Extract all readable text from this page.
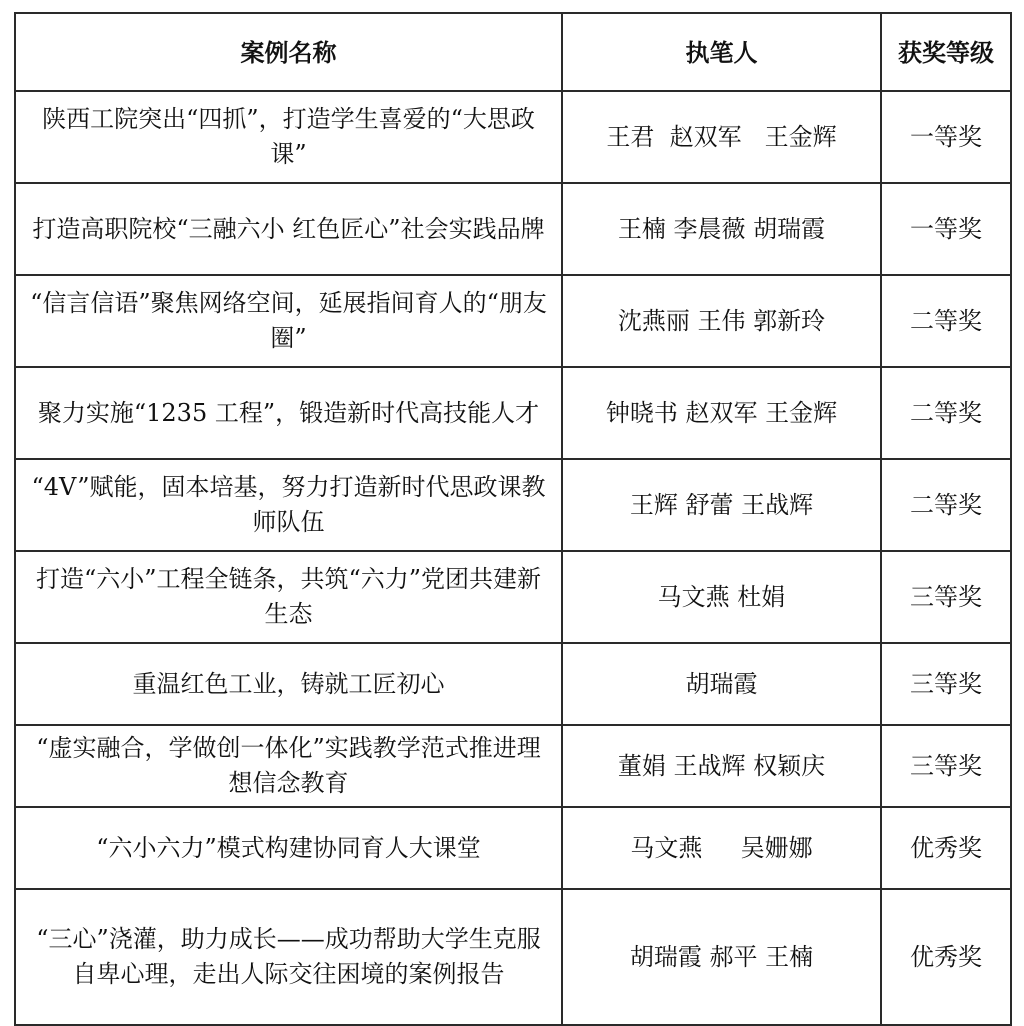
案例名称	执笔人	获奖等级
陕西工院突出“四抓”，打造学生喜爱的“大思政课”	王君  赵双军   王金辉	一等奖
打造高职院校“三融六小 红色匠心”社会实践品牌	王楠 李晨薇 胡瑞霞	一等奖
“信言信语”聚焦网络空间，延展指间育人的“朋友圈”	沈燕丽 王伟 郭新玲	二等奖
聚力实施“1235 工程”，锻造新时代高技能人才	钟晓书 赵双军 王金辉	二等奖
“4V”赋能，固本培基，努力打造新时代思政课教师队伍	王辉 舒蕾 王战辉	二等奖
打造“六小”工程全链条，共筑“六力”党团共建新生态	马文燕 杜娟	三等奖
重温红色工业，铸就工匠初心	胡瑞霞	三等奖
“虚实融合，学做创一体化”实践教学范式推进理想信念教育	董娟 王战辉 权颖庆	三等奖
“六小六力”模式构建协同育人大课堂	马文燕     吴姗娜	优秀奖
“三心”浇灌，助力成长——成功帮助大学生克服自卑心理，走出人际交往困境的案例报告	胡瑞霞 郝平 王楠	优秀奖
